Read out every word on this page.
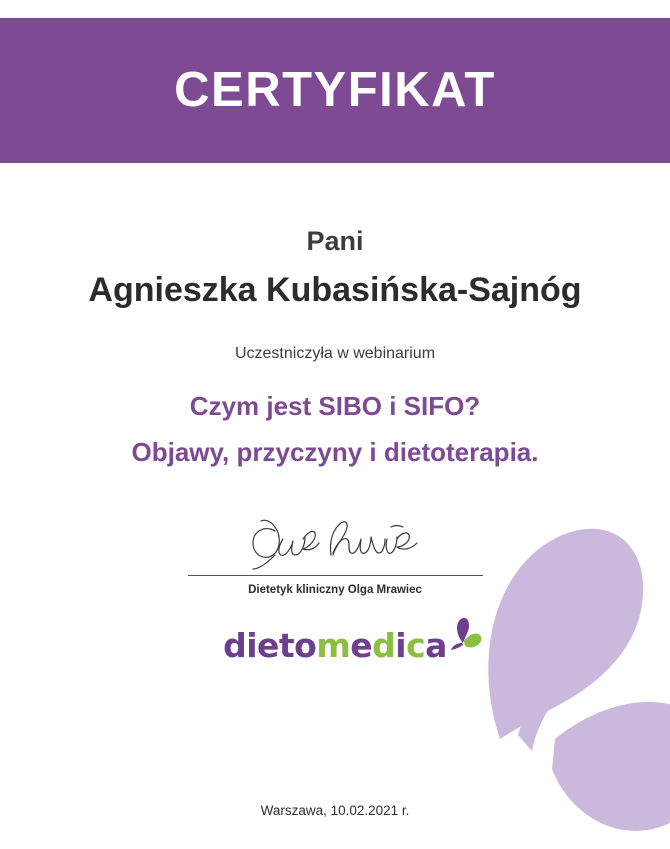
CERTYFIKAT
Pani
Agnieszka Kubasińska-Sajnóg
Uczestniczyła w webinarium
Czym jest SIBO i SIFO?
Objawy, przyczyny i dietoterapia.
Dietetyk kliniczny Olga Mrawiec
dietomedica
Warszawa, 10.02.2021 r.
